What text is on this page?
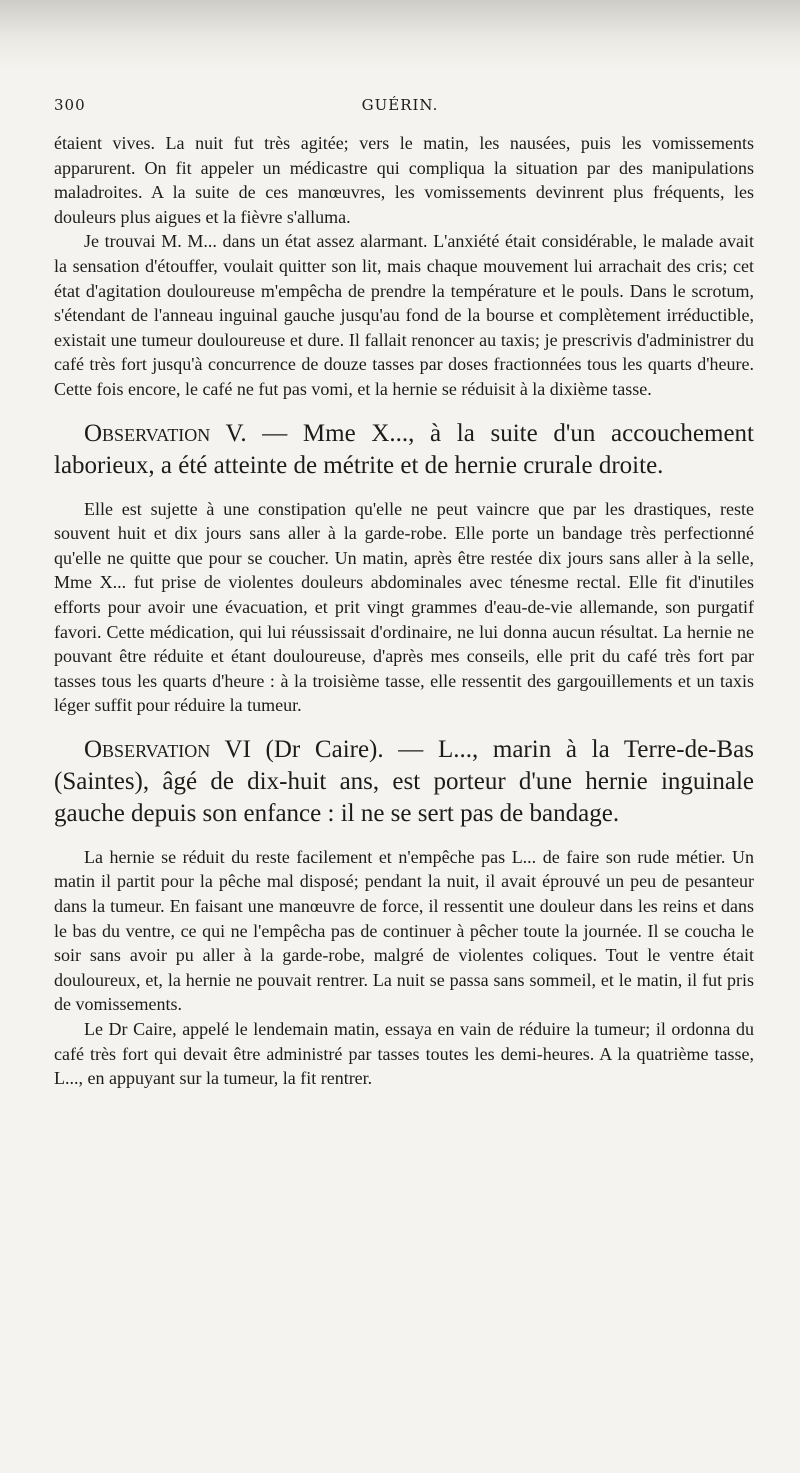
300	GUÉRIN.

étaient vives. La nuit fut très agitée; vers le matin, les nausées, puis les vomissements apparurent. On fit appeler un médicastre qui compliqua la situation par des manipulations maladroites. A la suite de ces manœuvres, les vomissements devinrent plus fréquents, les douleurs plus aigues et la fièvre s'alluma.

Je trouvai M. M... dans un état assez alarmant. L'anxiété était considérable, le malade avait la sensation d'étouffer, voulait quitter son lit, mais chaque mouvement lui arrachait des cris; cet état d'agitation douloureuse m'empêcha de prendre la température et le pouls. Dans le scrotum, s'étendant de l'anneau inguinal gauche jusqu'au fond de la bourse et complètement irréductible, existait une tumeur douloureuse et dure. Il fallait renoncer au taxis; je prescrivis d'administrer du café très fort jusqu'à concurrence de douze tasses par doses fractionnées tous les quarts d'heure. Cette fois encore, le café ne fut pas vomi, et la hernie se réduisit à la dixième tasse.

Observation V. — Mme X..., à la suite d'un accouchement laborieux, a été atteinte de métrite et de hernie crurale droite.

Elle est sujette à une constipation qu'elle ne peut vaincre que par les drastiques, reste souvent huit et dix jours sans aller à la garde-robe. Elle porte un bandage très perfectionné qu'elle ne quitte que pour se coucher. Un matin, après être restée dix jours sans aller à la selle, Mme X... fut prise de violentes douleurs abdominales avec ténesme rectal. Elle fit d'inutiles efforts pour avoir une évacuation, et prit vingt grammes d'eau-de-vie allemande, son purgatif favori. Cette médication, qui lui réussissait d'ordinaire, ne lui donna aucun résultat. La hernie ne pouvant être réduite et étant douloureuse, d'après mes conseils, elle prit du café très fort par tasses tous les quarts d'heure : à la troisième tasse, elle ressentit des gargouillements et un taxis léger suffit pour réduire la tumeur.

Observation VI (Dr Caire). — L..., marin à la Terre-de-Bas (Saintes), âgé de dix-huit ans, est porteur d'une hernie inguinale gauche depuis son enfance : il ne se sert pas de bandage.

La hernie se réduit du reste facilement et n'empêche pas L... de faire son rude métier. Un matin il partit pour la pêche mal disposé; pendant la nuit, il avait éprouvé un peu de pesanteur dans la tumeur. En faisant une manœuvre de force, il ressentit une douleur dans les reins et dans le bas du ventre, ce qui ne l'empêcha pas de continuer à pêcher toute la journée. Il se coucha le soir sans avoir pu aller à la garde-robe, malgré de violentes coliques. Tout le ventre était douloureux, et, la hernie ne pouvait rentrer. La nuit se passa sans sommeil, et le matin, il fut pris de vomissements.

Le Dr Caire, appelé le lendemain matin, essaya en vain de réduire la tumeur; il ordonna du café très fort qui devait être administré par tasses toutes les demi-heures. A la quatrième tasse, L..., en appuyant sur la tumeur, la fit rentrer.
